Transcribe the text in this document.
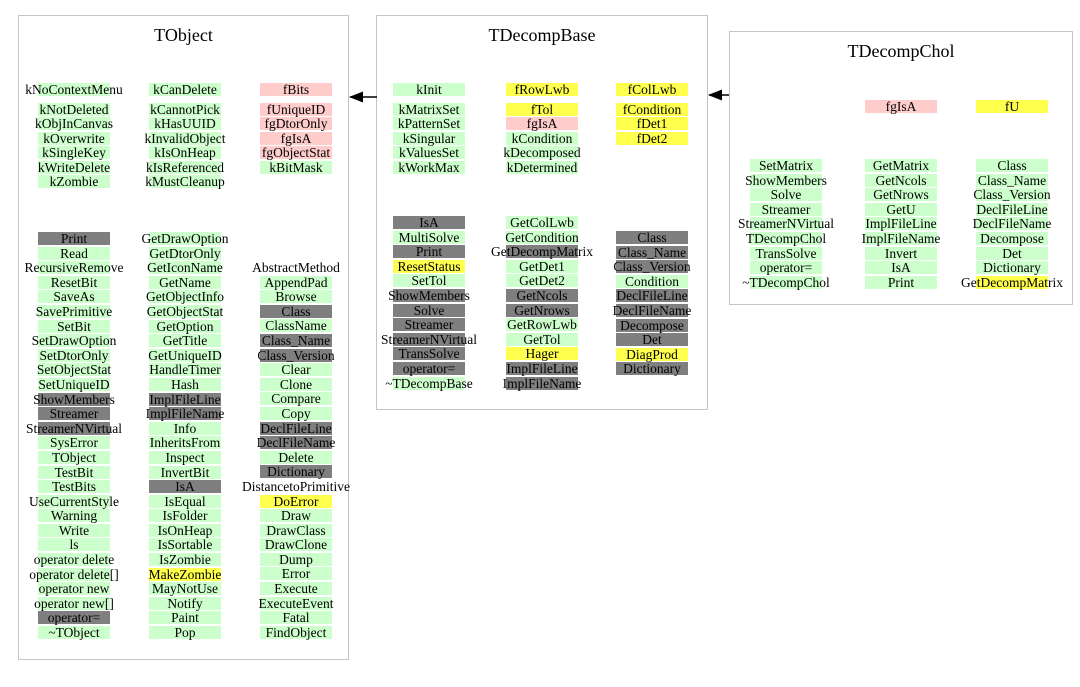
TObject
kNoContextMenu
kNotDeleted
kObjInCanvas
kOverwrite
kSingleKey
kWriteDelete
kZombie
kCanDelete
kCannotPick
kHasUUID
kInvalidObject
kIsOnHeap
kIsReferenced
kMustCleanup
fBits
fUniqueID
fgDtorOnly
fgIsA
fgObjectStat
kBitMask
Print
Read
RecursiveRemove
ResetBit
SaveAs
SavePrimitive
SetBit
SetDrawOption
SetDtorOnly
SetObjectStat
SetUniqueID
ShowMembers
Streamer
StreamerNVirtual
SysError
TObject
TestBit
TestBits
UseCurrentStyle
Warning
Write
ls
operator delete
operator delete[]
operator new
operator new[]
operator=
~TObject
GetDrawOption
GetDtorOnly
GetIconName
GetName
GetObjectInfo
GetObjectStat
GetOption
GetTitle
GetUniqueID
HandleTimer
Hash
ImplFileLine
ImplFileName
Info
InheritsFrom
Inspect
InvertBit
IsA
IsEqual
IsFolder
IsOnHeap
IsSortable
IsZombie
MakeZombie
MayNotUse
Notify
Paint
Pop
AbstractMethod
AppendPad
Browse
Class
ClassName
Class_Name
Class_Version
Clear
Clone
Compare
Copy
DeclFileLine
DeclFileName
Delete
Dictionary
DistancetoPrimitive
DoError
Draw
DrawClass
DrawClone
Dump
Error
Execute
ExecuteEvent
Fatal
FindObject
TDecompBase
kInit
kMatrixSet
kPatternSet
kSingular
kValuesSet
kWorkMax
fRowLwb
fTol
fgIsA
kCondition
kDecomposed
kDetermined
fColLwb
fCondition
fDet1
fDet2
IsA
MultiSolve
Print
ResetStatus
SetTol
ShowMembers
Solve
Streamer
StreamerNVirtual
TransSolve
operator=
~TDecompBase
GetColLwb
GetCondition
GetDecompMatrix
GetDet1
GetDet2
GetNcols
GetNrows
GetRowLwb
GetTol
Hager
ImplFileLine
ImplFileName
Class
Class_Name
Class_Version
Condition
DeclFileLine
DeclFileName
Decompose
Det
DiagProd
Dictionary
TDecompChol
fgIsA	fU
SetMatrix
ShowMembers
Solve
Streamer
StreamerNVirtual
TDecompChol
TransSolve
operator=
~TDecompChol
GetMatrix
GetNcols
GetNrows
GetU
ImplFileLine
ImplFileName
Invert
IsA
Print
Class
Class_Name
Class_Version
DeclFileLine
DeclFileName
Decompose
Det
Dictionary
GetDecompMatrix
